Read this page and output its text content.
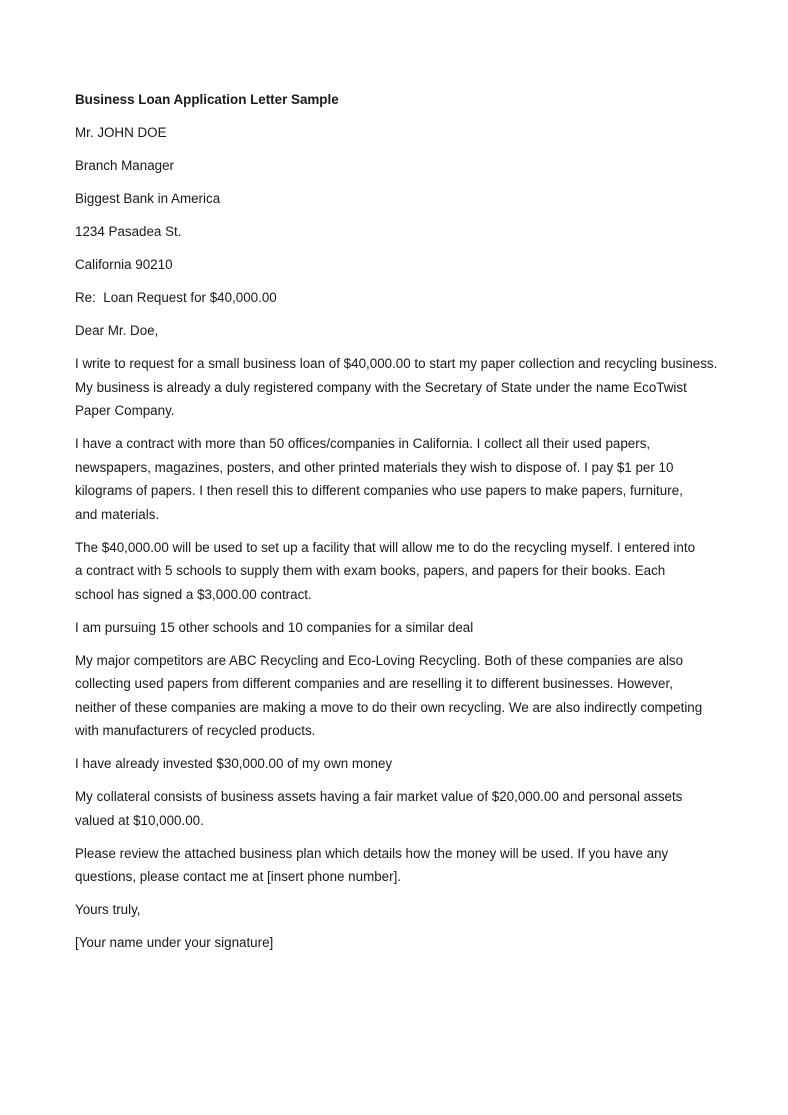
Business Loan Application Letter Sample
Mr. JOHN DOE
Branch Manager
Biggest Bank in America
1234 Pasadea St.
California 90210
Re:  Loan Request for $40,000.00
Dear Mr. Doe,
I write to request for a small business loan of $40,000.00 to start my paper collection and recycling business. My business is already a duly registered company with the Secretary of State under the name EcoTwist Paper Company.
I have a contract with more than 50 offices/companies in California. I collect all their used papers, newspapers, magazines, posters, and other printed materials they wish to dispose of. I pay $1 per 10 kilograms of papers. I then resell this to different companies who use papers to make papers, furniture, and materials.
The $40,000.00 will be used to set up a facility that will allow me to do the recycling myself. I entered into a contract with 5 schools to supply them with exam books, papers, and papers for their books. Each school has signed a $3,000.00 contract.
I am pursuing 15 other schools and 10 companies for a similar deal
My major competitors are ABC Recycling and Eco-Loving Recycling. Both of these companies are also collecting used papers from different companies and are reselling it to different businesses. However, neither of these companies are making a move to do their own recycling. We are also indirectly competing with manufacturers of recycled products.
I have already invested $30,000.00 of my own money
My collateral consists of business assets having a fair market value of $20,000.00 and personal assets valued at $10,000.00.
Please review the attached business plan which details how the money will be used. If you have any questions, please contact me at [insert phone number].
Yours truly,
[Your name under your signature]
